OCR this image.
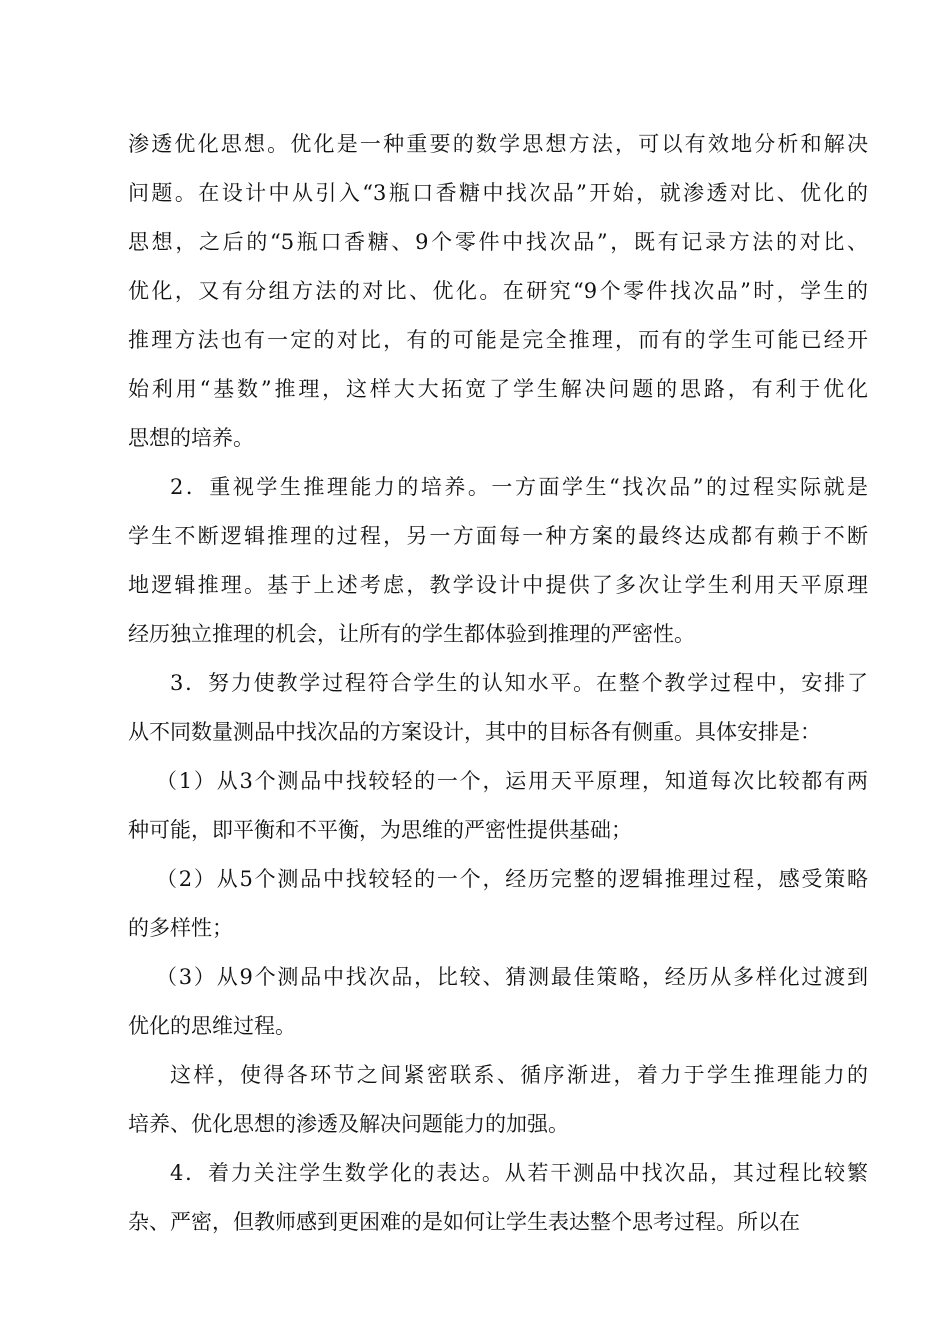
渗透优化思想。优化是一种重要的数学思想方法，可以有效地分析和解决
问题。在设计中从引入“3瓶口香糖中找次品”开始，就渗透对比、优化的
思想，之后的“5瓶口香糖、9个零件中找次品”，既有记录方法的对比、
优化，又有分组方法的对比、优化。在研究“9个零件找次品”时，学生的
推理方法也有一定的对比，有的可能是完全推理，而有的学生可能已经开
始利用“基数”推理，这样大大拓宽了学生解决问题的思路，有利于优化
思想的培养。
2．重视学生推理能力的培养。一方面学生“找次品”的过程实际就是
学生不断逻辑推理的过程，另一方面每一种方案的最终达成都有赖于不断
地逻辑推理。基于上述考虑，教学设计中提供了多次让学生利用天平原理
经历独立推理的机会，让所有的学生都体验到推理的严密性。
3．努力使教学过程符合学生的认知水平。在整个教学过程中，安排了
从不同数量测品中找次品的方案设计，其中的目标各有侧重。具体安排是：
（1）从3个测品中找较轻的一个，运用天平原理，知道每次比较都有两
种可能，即平衡和不平衡，为思维的严密性提供基础；
（2）从5个测品中找较轻的一个，经历完整的逻辑推理过程，感受策略
的多样性；
（3）从9个测品中找次品，比较、猜测最佳策略，经历从多样化过渡到
优化的思维过程。
这样，使得各环节之间紧密联系、循序渐进，着力于学生推理能力的
培养、优化思想的渗透及解决问题能力的加强。
4．着力关注学生数学化的表达。从若干测品中找次品，其过程比较繁
杂、严密，但教师感到更困难的是如何让学生表达整个思考过程。所以在
